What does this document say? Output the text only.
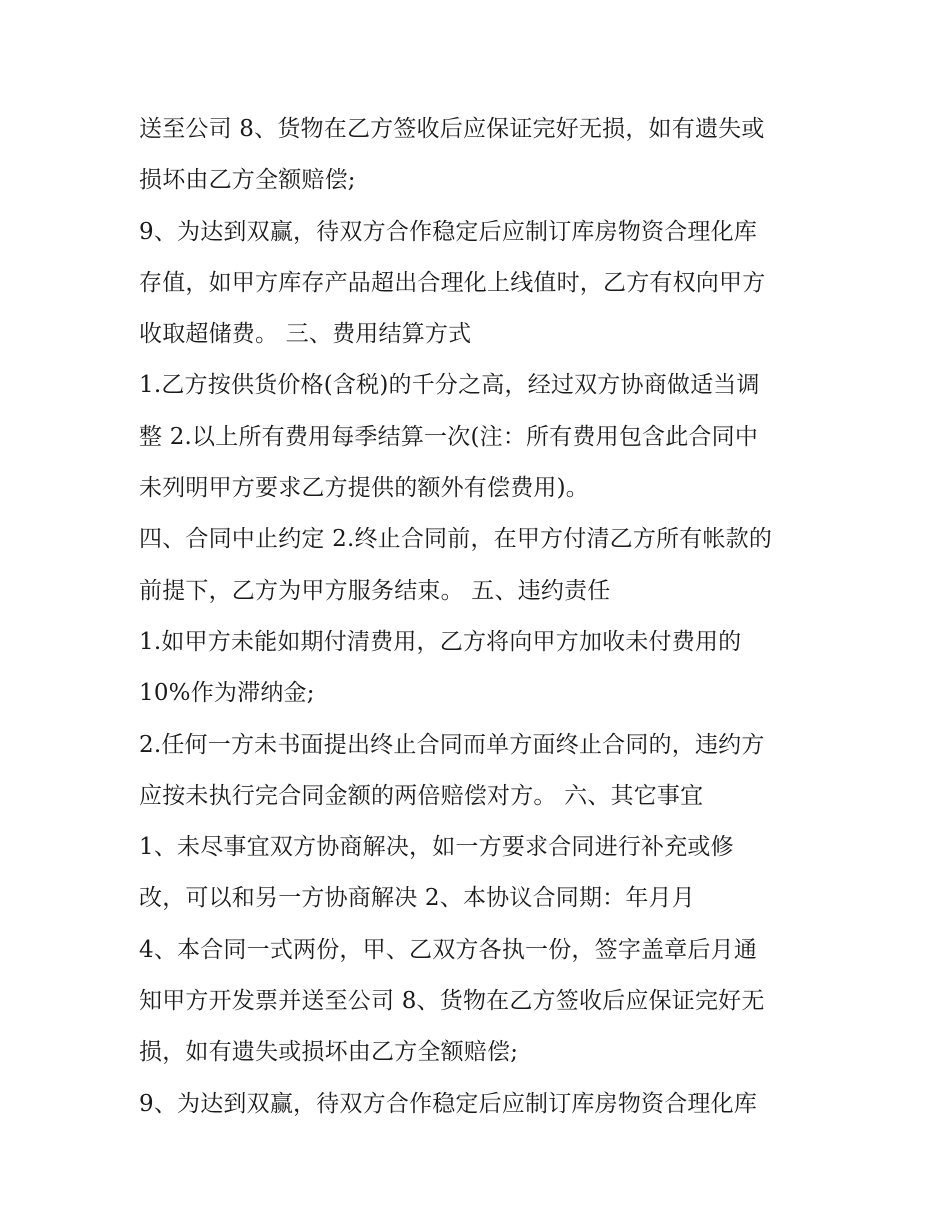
送至公司 8、货物在乙方签收后应保证完好无损，如有遗失或
损坏由乙方全额赔偿;
9、为达到双赢，待双方合作稳定后应制订库房物资合理化库
存值，如甲方库存产品超出合理化上线值时，乙方有权向甲方
收取超储费。 三、费用结算方式
1.乙方按供货价格(含税)的千分之高，经过双方协商做适当调
整 2.以上所有费用每季结算一次(注：所有费用包含此合同中
未列明甲方要求乙方提供的额外有偿费用)。
四、合同中止约定 2.终止合同前，在甲方付清乙方所有帐款的
前提下，乙方为甲方服务结束。 五、违约责任
1.如甲方未能如期付清费用，乙方将向甲方加收未付费用的
10%作为滞纳金;
2.任何一方未书面提出终止合同而单方面终止合同的，违约方
应按未执行完合同金额的两倍赔偿对方。 六、其它事宜
1、未尽事宜双方协商解决，如一方要求合同进行补充或修
改，可以和另一方协商解决 2、本协议合同期：年月月
4、本合同一式两份，甲、乙双方各执一份，签字盖章后月通
知甲方开发票并送至公司 8、货物在乙方签收后应保证完好无
损，如有遗失或损坏由乙方全额赔偿;
9、为达到双赢，待双方合作稳定后应制订库房物资合理化库
